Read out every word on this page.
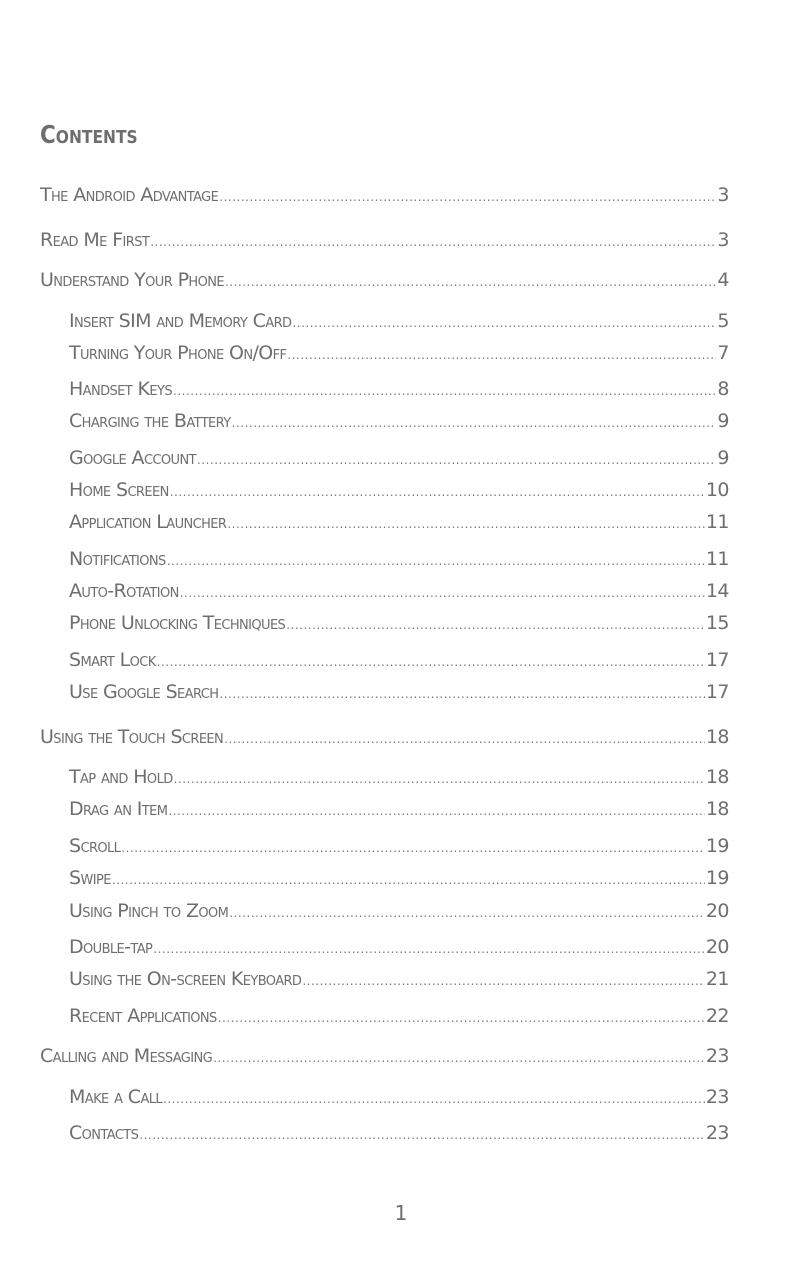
Contents
The Android Advantage .....	3
Read Me First .....	3
Understand Your Phone .....	4
Insert SIM and Memory Card .....	5
Turning Your Phone On/Off .....	7
Handset Keys .....	8
Charging the Battery .....	9
Google Account .....	9
Home Screen .....	10
Application Launcher .....	11
Notifications .....	11
Auto-Rotation .....	14
Phone Unlocking Techniques .....	15
Smart Lock .....	17
Use Google Search .....	17
Using the Touch Screen .....	18
Tap and Hold .....	18
Drag an Item .....	18
Scroll .....	19
Swipe .....	19
Using Pinch to Zoom .....	20
Double-tap .....	20
Using the On-screen Keyboard .....	21
Recent Applications .....	22
Calling and Messaging .....	23
Make a Call .....	23
Contacts .....	23
1
